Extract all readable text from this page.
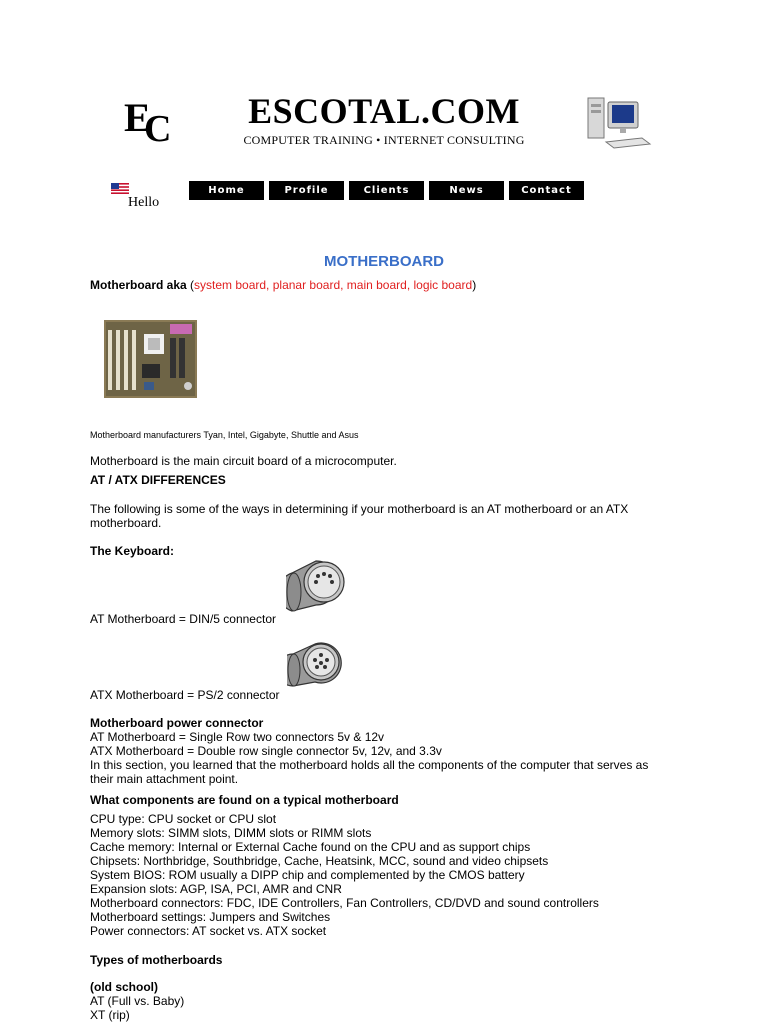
E
C	ESCOTAL.COM
COMPUTER TRAINING • INTERNET CONSULTING
Hello
Home	Profile	Clients	News	Contact
MOTHERBOARD
Motherboard aka (system board, planar board, main board, logic board)
Motherboard manufacturers Tyan, Intel, Gigabyte, Shuttle and Asus
Motherboard is the main circuit board of a microcomputer.
AT / ATX DIFFERENCES
The following is some of the ways in determining if your motherboard is an AT motherboard or an ATX
motherboard.
The Keyboard:
AT Motherboard = DIN/5 connector
ATX Motherboard = PS/2 connector
Motherboard power connector
AT Motherboard = Single Row two connectors 5v & 12v
ATX Motherboard = Double row single connector 5v, 12v, and 3.3v
In this section, you learned that the motherboard holds all the components of the computer that serves as
their main attachment point.
What components are found on a typical motherboard
CPU type: CPU socket or CPU slot
Memory slots: SIMM slots, DIMM slots or RIMM slots
Cache memory: Internal or External Cache found on the CPU and as support chips
Chipsets: Northbridge, Southbridge, Cache, Heatsink, MCC, sound and video chipsets
System BIOS: ROM usually a DIPP chip and complemented by the CMOS battery
Expansion slots: AGP, ISA, PCI, AMR and CNR
Motherboard connectors: FDC, IDE Controllers, Fan Controllers, CD/DVD and sound controllers
Motherboard settings: Jumpers and Switches
Power connectors: AT socket vs. ATX socket
Types of motherboards
(old school)
AT (Full vs. Baby)
XT (rip)
